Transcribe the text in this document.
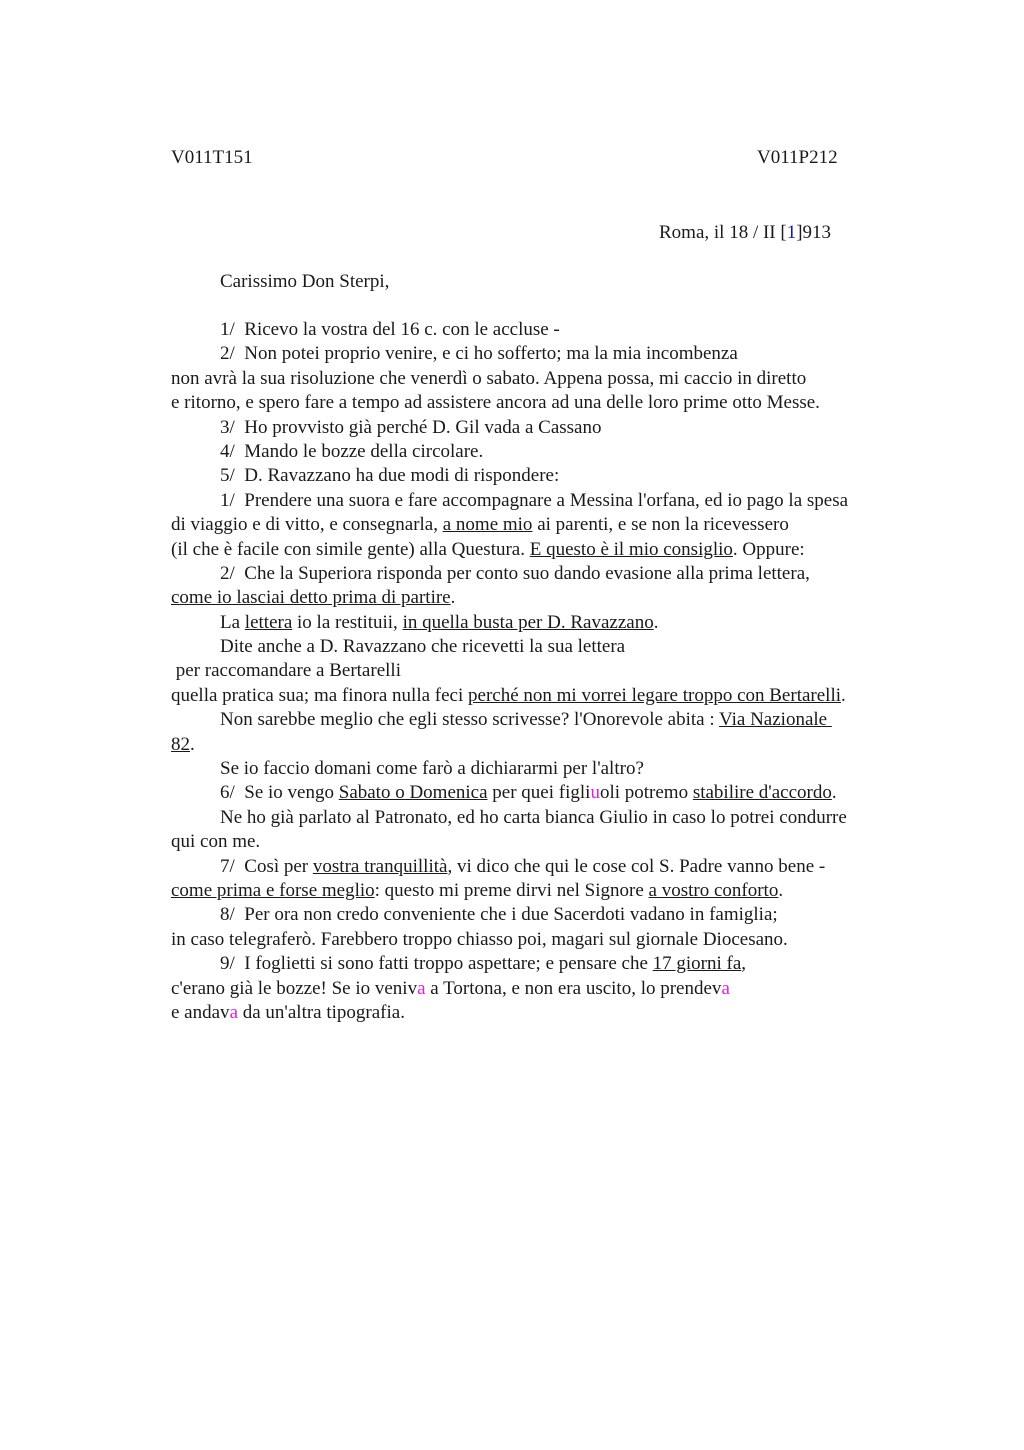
V011T151	V011P212
Roma, il 18 / II [1]913
Carissimo Don Sterpi,
1/  Ricevo la vostra del 16 c. con le accluse -
2/  Non potei proprio venire, e ci ho sofferto; ma la mia incombenza
non avrà la sua risoluzione che venerdì o sabato. Appena possa, mi caccio in diretto
e ritorno, e spero fare a tempo ad assistere ancora ad una delle loro prime otto Messe.
3/  Ho provvisto già perché D. Gil vada a Cassano
4/  Mando le bozze della circolare.
5/  D. Ravazzano ha due modi di rispondere:
1/  Prendere una suora e fare accompagnare a Messina l'orfana, ed io pago la spesa
di viaggio e di vitto, e consegnarla, a nome mio ai parenti, e se non la ricevessero
(il che è facile con simile gente) alla Questura. E questo è il mio consiglio. Oppure:
2/  Che la Superiora risponda per conto suo dando evasione alla prima lettera,
come io lasciai detto prima di partire.
La lettera io la restituii, in quella busta per D. Ravazzano.
Dite anche a D. Ravazzano che ricevetti la sua lettera
per raccomandare a Bertarelli
quella pratica sua; ma finora nulla feci perché non mi vorrei legare troppo con Bertarelli.
Non sarebbe meglio che egli stesso scrivesse? l'Onorevole abita : Via Nazionale
82.
Se io faccio domani come farò a dichiararmi per l'altro?
6/  Se io vengo Sabato o Domenica per quei figliuoli potremo stabilire d'accordo.
Ne ho già parlato al Patronato, ed ho carta bianca Giulio in caso lo potrei condurre
qui con me.
7/  Così per vostra tranquillità, vi dico che qui le cose col S. Padre vanno bene -
come prima e forse meglio: questo mi preme dirvi nel Signore a vostro conforto.
8/  Per ora non credo conveniente che i due Sacerdoti vadano in famiglia;
in caso telegraferò. Farebbero troppo chiasso poi, magari sul giornale Diocesano.
9/  I foglietti si sono fatti troppo aspettare; e pensare che 17 giorni fa,
c'erano già le bozze! Se io veniva a Tortona, e non era uscito, lo prendeva
e andava da un'altra tipografia.
